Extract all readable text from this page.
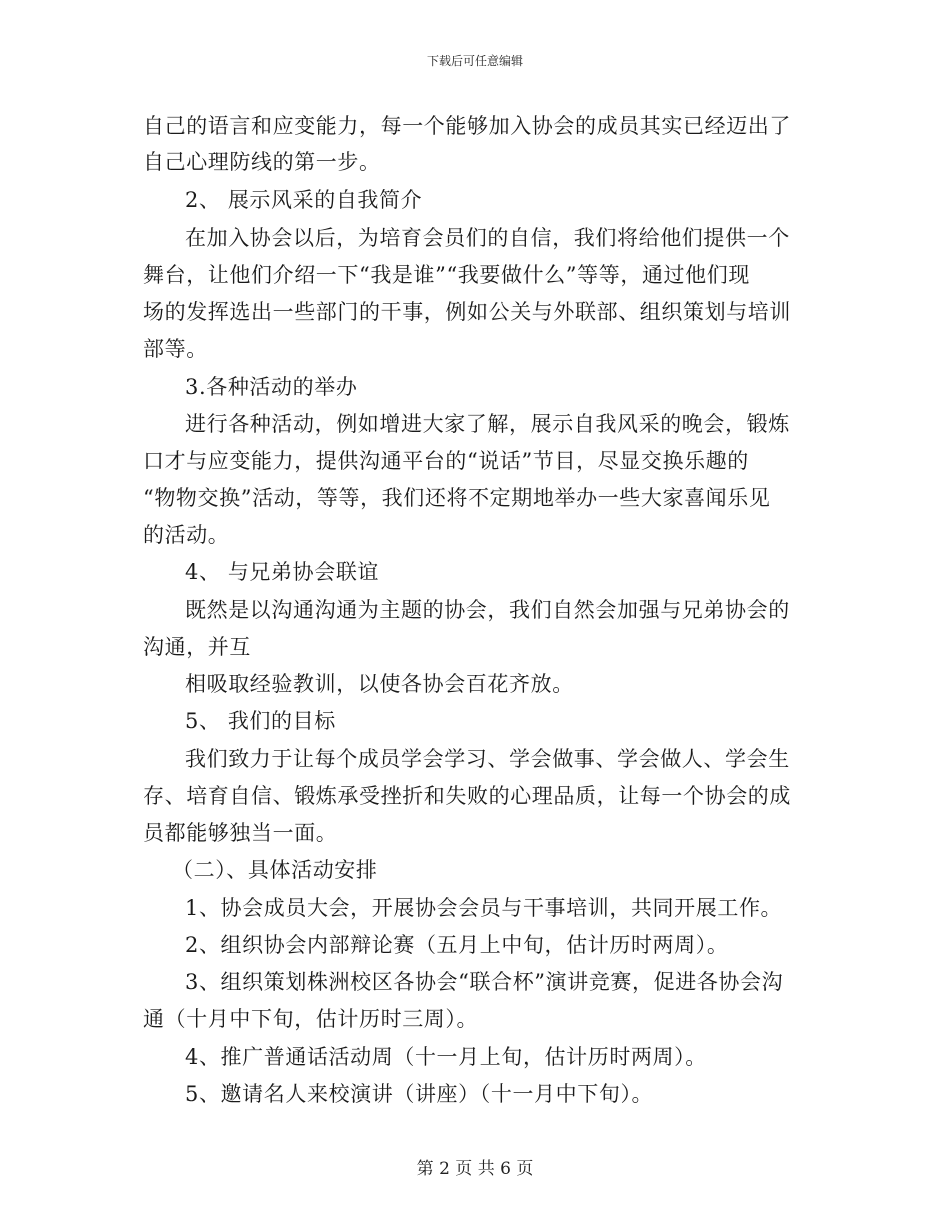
下载后可任意编辑
自己的语言和应变能力，每一个能够加入协会的成员其实已经迈出了
自己心理防线的第一步。
2、 展示风采的自我简介
在加入协会以后，为培育会员们的自信，我们将给他们提供一个
舞台，让他们介绍一下“我是谁”“我要做什么”等等，通过他们现
场的发挥选出一些部门的干事，例如公关与外联部、组织策划与培训
部等。
3.各种活动的举办
进行各种活动，例如增进大家了解，展示自我风采的晚会，锻炼
口才与应变能力，提供沟通平台的“说话”节目，尽显交换乐趣的
“物物交换”活动，等等，我们还将不定期地举办一些大家喜闻乐见
的活动。
4、 与兄弟协会联谊
既然是以沟通沟通为主题的协会，我们自然会加强与兄弟协会的
沟通，并互
相吸取经验教训，以使各协会百花齐放。
5、 我们的目标
我们致力于让每个成员学会学习、学会做事、学会做人、学会生
存、培育自信、锻炼承受挫折和失败的心理品质，让每一个协会的成
员都能够独当一面。
（二）、具体活动安排
1、协会成员大会，开展协会会员与干事培训，共同开展工作。
2、组织协会内部辩论赛（五月上中旬，估计历时两周）。
3、组织策划株洲校区各协会“联合杯”演讲竞赛，促进各协会沟
通（十月中下旬，估计历时三周）。
4、推广普通话活动周（十一月上旬，估计历时两周）。
5、邀请名人来校演讲（讲座）（十一月中下旬）。
第 2 页 共 6 页
